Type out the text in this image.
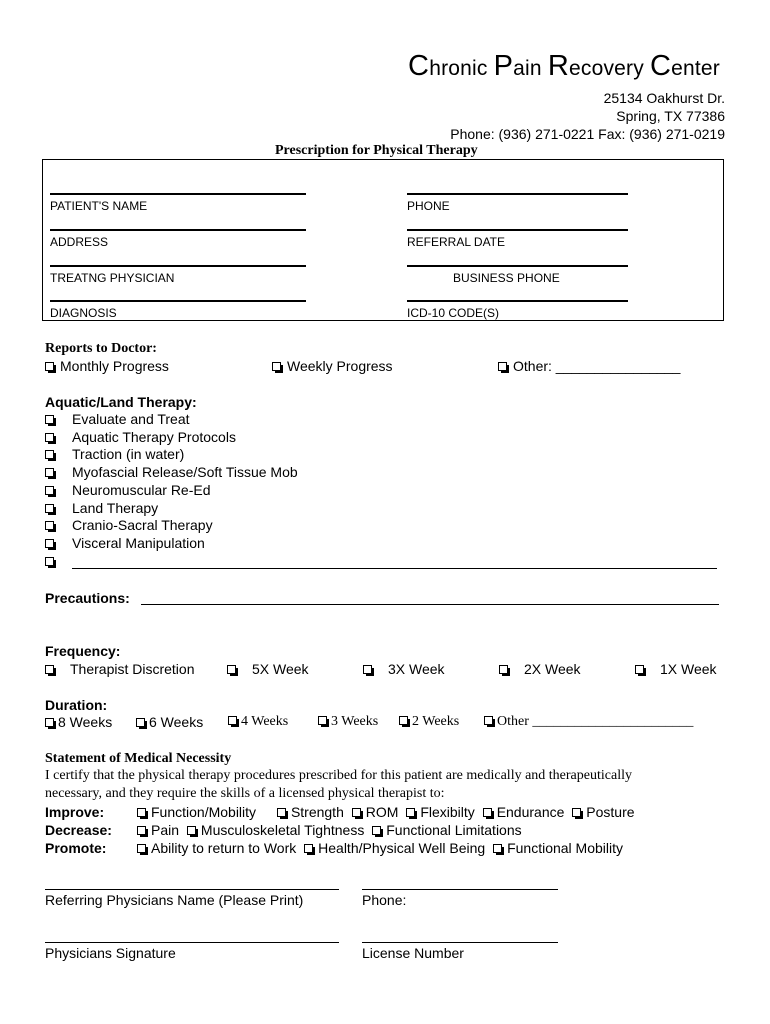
Chronic Pain Recovery Center
25134 Oakhurst Dr.
Spring, TX 77386
Phone: (936) 271-0221 Fax: (936) 271-0219
Prescription for Physical Therapy
PATIENT'S NAME	PHONE
ADDRESS	REFERRAL DATE
TREATNG PHYSICIAN	BUSINESS PHONE
DIAGNOSIS	ICD-10 CODE(S)
Reports to Doctor:
Monthly Progress	Weekly Progress	Other: ________________
Aquatic/Land Therapy:
Evaluate and Treat
Aquatic Therapy Protocols
Traction (in water)
Myofascial Release/Soft Tissue Mob
Neuromuscular Re-Ed
Land Therapy
Cranio-Sacral Therapy
Visceral Manipulation
Precautions:
Frequency:
Therapist Discretion	5X Week	3X Week	2X Week	1X Week
Duration:
8 Weeks	6 Weeks	4 Weeks	3 Weeks	2 Weeks	Other _______________________
Statement of Medical Necessity
I certify that the physical therapy procedures prescribed for this patient are medically and therapeutically
necessary, and they require the skills of a licensed physical therapist to:
Improve:	Function/Mobility Strength ROM Flexibilty Endurance Posture
Decrease:	Pain Musculoskeletal Tightness Functional Limitations
Promote:	Ability to return to Work Health/Physical Well Being Functional Mobility
Referring Physicians Name (Please Print)	Phone:
Physicians Signature	License Number
